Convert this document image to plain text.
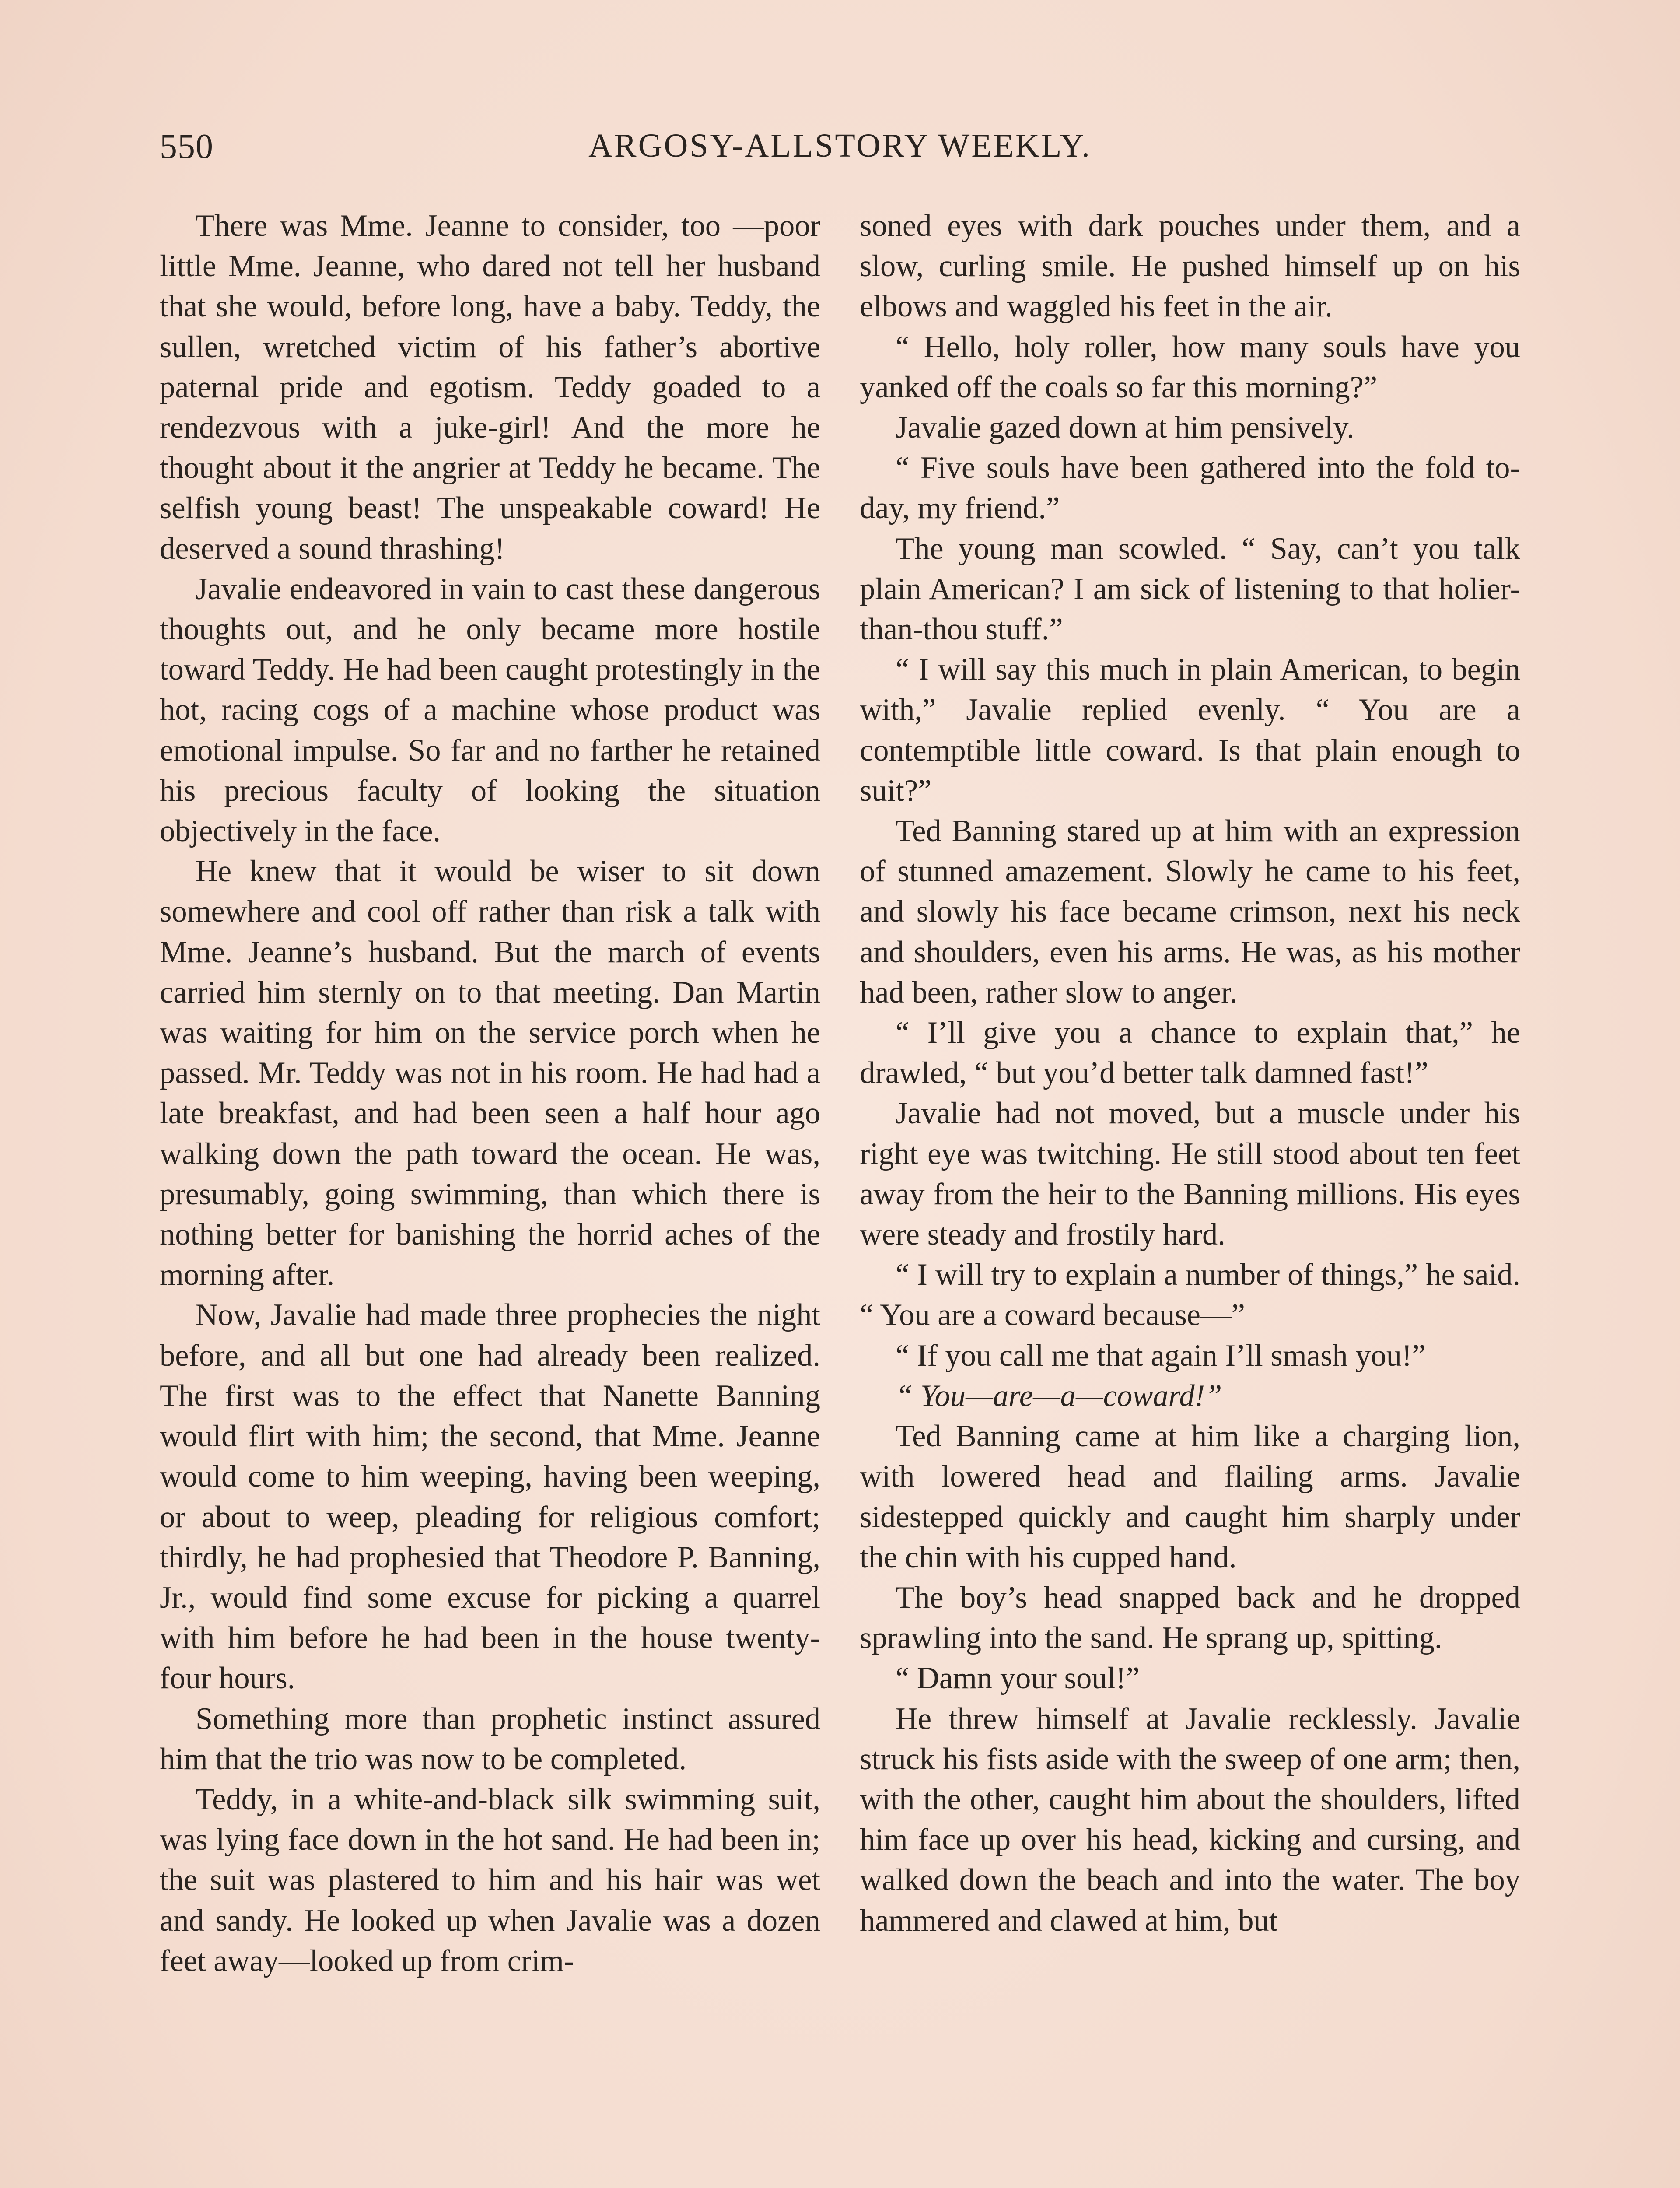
550	ARGOSY-ALLSTORY WEEKLY.

There was Mme. Jeanne to consider, too —poor little Mme. Jeanne, who dared not tell her husband that she would, before long, have a baby. Teddy, the sullen, wretched victim of his father’s abortive paternal pride and egotism. Teddy goaded to a rendezvous with a juke-girl! And the more he thought about it the angrier at Teddy he became. The selfish young beast! The unspeakable coward! He deserved a sound thrashing!

Javalie endeavored in vain to cast these dangerous thoughts out, and he only became more hostile toward Teddy. He had been caught protestingly in the hot, racing cogs of a machine whose product was emotional impulse. So far and no farther he retained his precious faculty of looking the situation objectively in the face.

He knew that it would be wiser to sit down somewhere and cool off rather than risk a talk with Mme. Jeanne’s husband. But the march of events carried him sternly on to that meeting. Dan Martin was waiting for him on the service porch when he passed. Mr. Teddy was not in his room. He had had a late breakfast, and had been seen a half hour ago walking down the path toward the ocean. He was, presumably, going swimming, than which there is nothing better for banishing the horrid aches of the morning after.

Now, Javalie had made three prophecies the night before, and all but one had already been realized. The first was to the effect that Nanette Banning would flirt with him; the second, that Mme. Jeanne would come to him weeping, having been weeping, or about to weep, pleading for religious comfort; thirdly, he had prophesied that Theodore P. Banning, Jr., would find some excuse for picking a quarrel with him before he had been in the house twenty-four hours.

Something more than prophetic instinct assured him that the trio was now to be completed.

Teddy, in a white-and-black silk swimming suit, was lying face down in the hot sand. He had been in; the suit was plastered to him and his hair was wet and sandy. He looked up when Javalie was a dozen feet away—looked up from crim-

soned eyes with dark pouches under them, and a slow, curling smile. He pushed himself up on his elbows and waggled his feet in the air.

“ Hello, holy roller, how many souls have you yanked off the coals so far this morning?”

Javalie gazed down at him pensively.

“ Five souls have been gathered into the fold to-day, my friend.”

The young man scowled. “ Say, can’t you talk plain American? I am sick of listening to that holier-than-thou stuff.”

“ I will say this much in plain American, to begin with,” Javalie replied evenly. “ You are a contemptible little coward. Is that plain enough to suit?”

Ted Banning stared up at him with an expression of stunned amazement. Slowly he came to his feet, and slowly his face became crimson, next his neck and shoulders, even his arms. He was, as his mother had been, rather slow to anger.

“ I’ll give you a chance to explain that,” he drawled, “ but you’d better talk damned fast!”

Javalie had not moved, but a muscle under his right eye was twitching. He still stood about ten feet away from the heir to the Banning millions. His eyes were steady and frostily hard.

“ I will try to explain a number of things,” he said. “ You are a coward because—”

“ If you call me that again I’ll smash you!”

“ You—are—a—coward!”

Ted Banning came at him like a charging lion, with lowered head and flailing arms. Javalie sidestepped quickly and caught him sharply under the chin with his cupped hand.

The boy’s head snapped back and he dropped sprawling into the sand. He sprang up, spitting.

“ Damn your soul!”

He threw himself at Javalie recklessly. Javalie struck his fists aside with the sweep of one arm; then, with the other, caught him about the shoulders, lifted him face up over his head, kicking and cursing, and walked down the beach and into the water. The boy hammered and clawed at him, but
